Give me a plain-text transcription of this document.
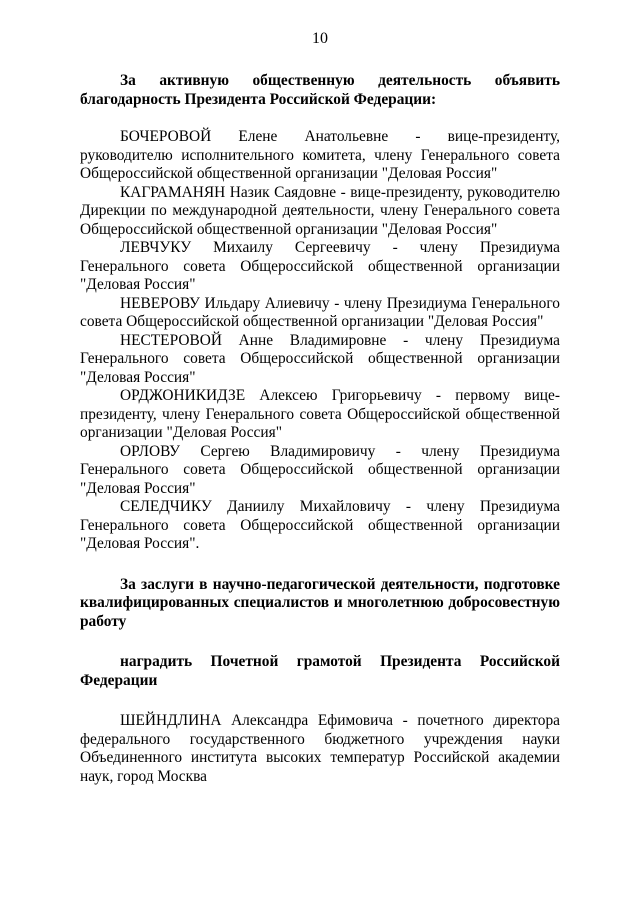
10

За активную общественную деятельность объявить благодарность Президента Российской Федерации:

БОЧЕРОВОЙ Елене Анатольевне - вице-президенту, руководителю исполнительного комитета, члену Генерального совета Общероссийской общественной организации "Деловая Россия"

КАГРАМАНЯН Назик Саядовне - вице-президенту, руководителю Дирекции по международной деятельности, члену Генерального совета Общероссийской общественной организации "Деловая Россия"

ЛЕВЧУКУ Михаилу Сергеевичу - члену Президиума Генерального совета Общероссийской общественной организации "Деловая Россия"

НЕВЕРОВУ Ильдару Алиевичу - члену Президиума Генерального совета Общероссийской общественной организации "Деловая Россия"

НЕСТЕРОВОЙ Анне Владимировне - члену Президиума Генерального совета Общероссийской общественной организации "Деловая Россия"

ОРДЖОНИКИДЗЕ Алексею Григорьевичу - первому вице-президенту, члену Генерального совета Общероссийской общественной организации "Деловая Россия"

ОРЛОВУ Сергею Владимировичу - члену Президиума Генерального совета Общероссийской общественной организации "Деловая Россия"

СЕЛЕДЧИКУ Даниилу Михайловичу - члену Президиума Генерального совета Общероссийской общественной организации "Деловая Россия".

За заслуги в научно-педагогической деятельности, подготовке квалифицированных специалистов и многолетнюю добросовестную работу

наградить Почетной грамотой Президента Российской Федерации

ШЕЙНДЛИНА Александра Ефимовича - почетного директора федерального государственного бюджетного учреждения науки Объединенного института высоких температур Российской академии наук, город Москва
